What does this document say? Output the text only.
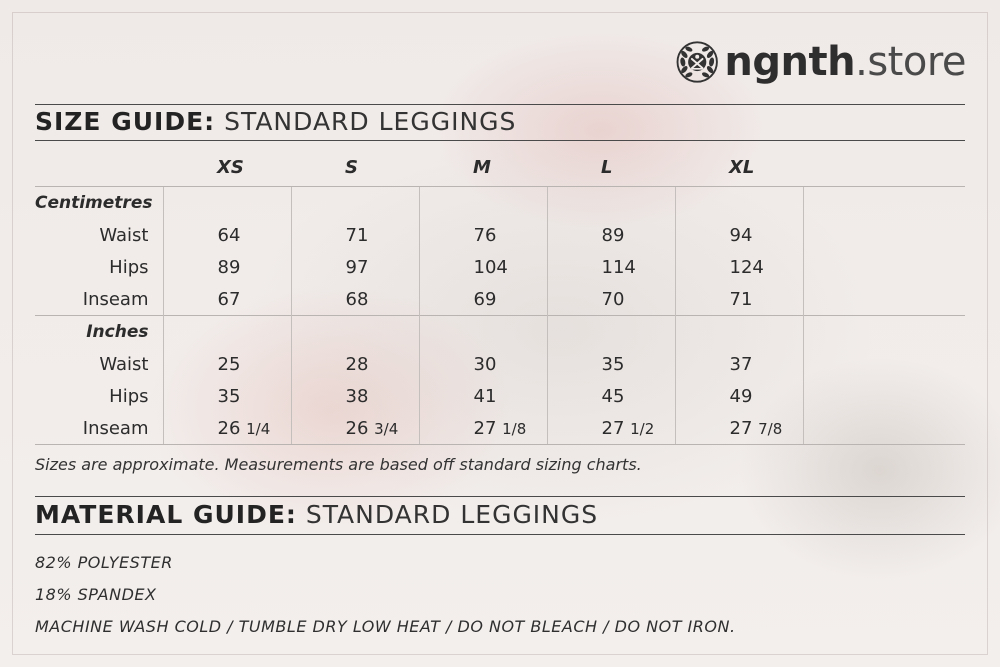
ngnth.store
SIZE GUIDE: STANDARD LEGGINGS
	XS	S	M	L	XL	
Centimetres						
Waist	64	71	76	89	94	
Hips	89	97	104	114	124	
Inseam	67	68	69	70	71	
Inches						
Waist	25	28	30	35	37	
Hips	35	38	41	45	49	
Inseam	26 1/4	26 3/4	27 1/8	27 1/2	27 7/8	
Sizes are approximate. Measurements are based off standard sizing charts.
MATERIAL GUIDE: STANDARD LEGGINGS
82% POLYESTER
18% SPANDEX
MACHINE WASH COLD / TUMBLE DRY LOW HEAT / DO NOT BLEACH / DO NOT IRON.
